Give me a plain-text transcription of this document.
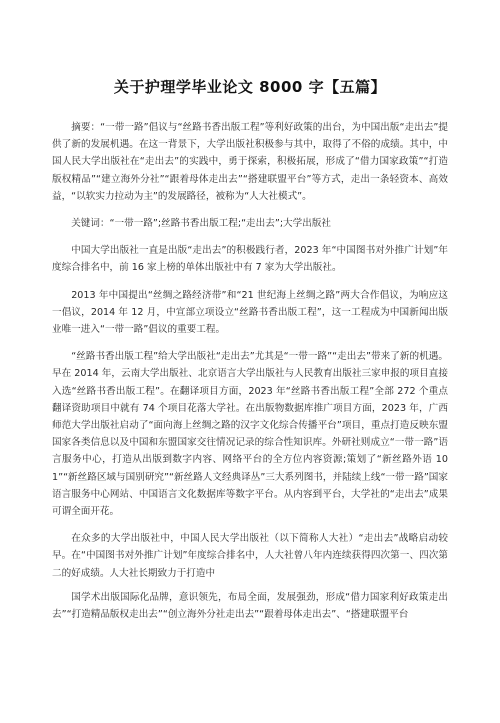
关于护理学毕业论文 8000 字【五篇】

摘要：“一带一路”倡议与“丝路书香出版工程”等利好政策的出台，为中国出版“走出去”提供了新的发展机遇。在这一背景下，大学出版社积极参与其中，取得了不俗的成绩。其中，中国人民大学出版社在“走出去”的实践中，勇于探索，积极拓展，形成了“借力国家政策”“打造版权精品”“建立海外分社”“跟着母体走出去”“搭建联盟平台”等方式，走出一条轻资本、高效益，“以软实力拉动为主”的发展路径，被称为“人大社模式”。

关键词：“一带一路”;丝路书香出版工程;“走出去”;大学出版社

中国大学出版社一直是出版“走出去”的积极践行者，2023 年“中国图书对外推广计划”年度综合排名中，前 16 家上榜的单体出版社中有 7 家为大学出版社。

2013 年中国提出“丝绸之路经济带”和“21 世纪海上丝绸之路”两大合作倡议，为响应这一倡议，2014 年 12 月，中宣部立项设立“丝路书香出版工程”，这一工程成为中国新闻出版业唯一进入“一带一路”倡议的重要工程。

“丝路书香出版工程”给大学出版社“走出去”尤其是“一带一路”“走出去”带来了新的机遇。早在 2014 年，云南大学出版社、北京语言大学出版社与人民教育出版社三家申报的项目直接入选“丝路书香出版工程”。在翻译项目方面，2023 年“丝路书香出版工程”全部 272 个重点翻译资助项目中就有 74 个项目花落大学社。在出版物数据库推广项目方面，2023 年，广西师范大学出版社启动了“面向海上丝绸之路的汉字文化综合传播平台”项目，重点打造反映东盟国家各类信息以及中国和东盟国家交往情况记录的综合性知识库。外研社则成立“一带一路”语言服务中心，打造从出版到数字内容、网络平台的全方位内容资源;策划了“新丝路外语 101”“新丝路区域与国别研究”“新丝路人文经典译丛”三大系列图书，并陆续上线“一带一路”国家语言服务中心网站、中国语言文化数据库等数字平台。从内容到平台，大学社的“走出去”成果可谓全面开花。

在众多的大学出版社中，中国人民大学出版社（以下简称人大社）“走出去”战略启动较早。在“中国图书对外推广计划”年度综合排名中，人大社曾八年内连续获得四次第一、四次第二的好成绩。人大社长期致力于打造中

国学术出版国际化品牌，意识领先，布局全面，发展强劲，形成“借力国家利好政策走出去”“打造精品版权走出去”“创立海外分社走出去”“跟着母体走出去”、“搭建联盟平台
